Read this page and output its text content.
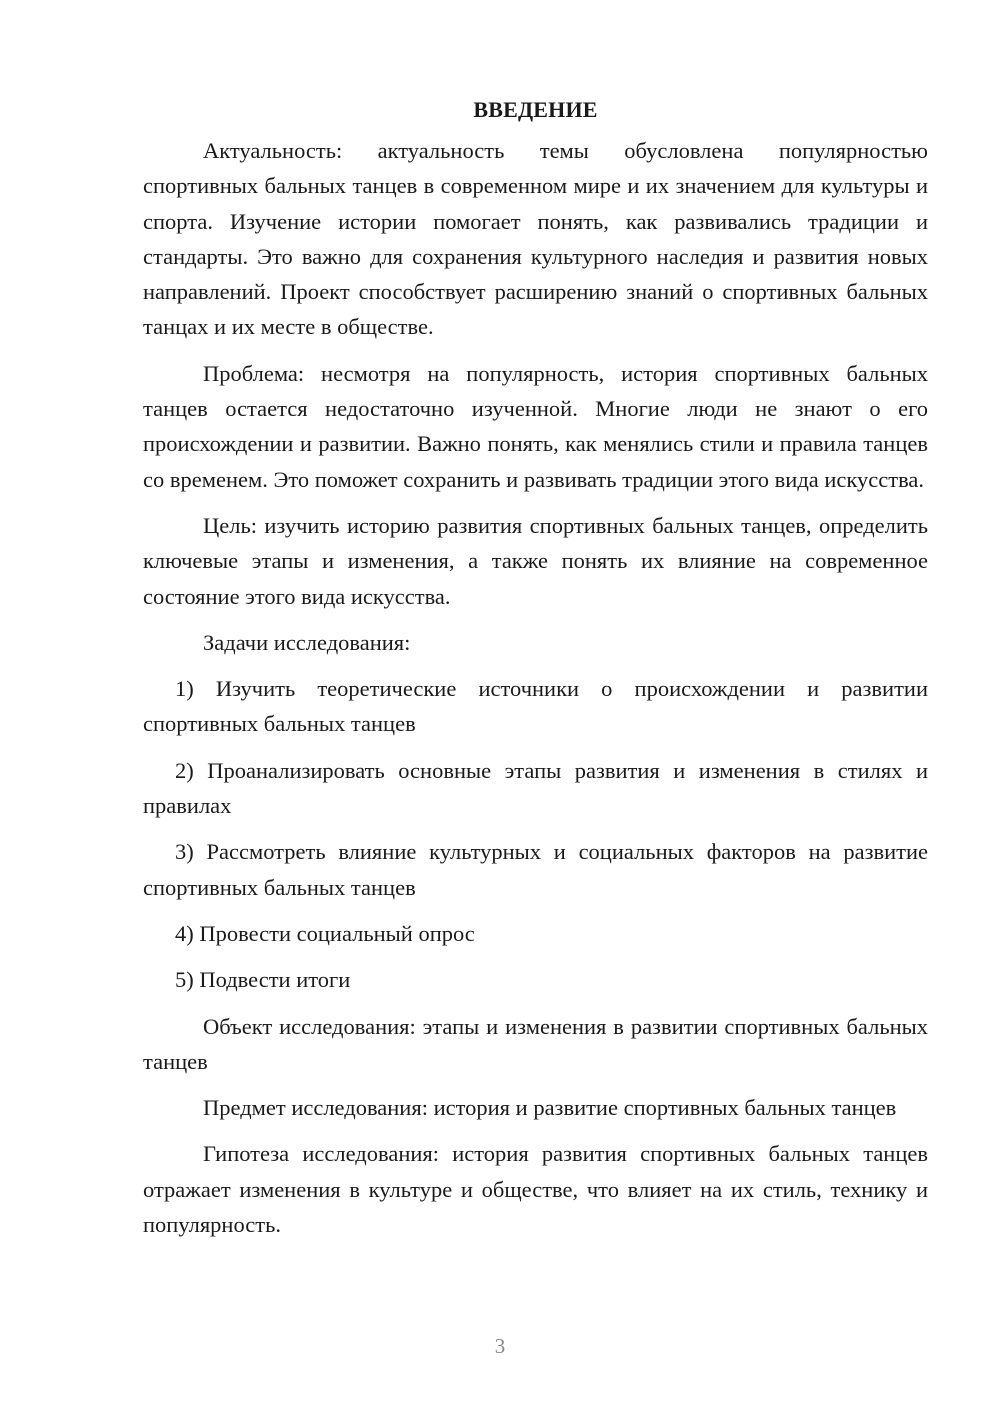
ВВЕДЕНИЕ

Актуальность: актуальность темы обусловлена популярностью спортивных бальных танцев в современном мире и их значением для культуры и спорта. Изучение истории помогает понять, как развивались традиции и стандарты. Это важно для сохранения культурного наследия и развития новых направлений. Проект способствует расширению знаний о спортивных бальных танцах и их месте в обществе.

Проблема: несмотря на популярность, история спортивных бальных танцев остается недостаточно изученной. Многие люди не знают о его происхождении и развитии. Важно понять, как менялись стили и правила танцев со временем. Это поможет сохранить и развивать традиции этого вида искусства.

Цель: изучить историю развития спортивных бальных танцев, определить ключевые этапы и изменения, а также понять их влияние на современное состояние этого вида искусства.

Задачи исследования:

1) Изучить теоретические источники о происхождении и развитии спортивных бальных танцев

2) Проанализировать основные этапы развития и изменения в стилях и правилах

3) Рассмотреть влияние культурных и социальных факторов на развитие спортивных бальных танцев

4) Провести социальный опрос

5) Подвести итоги

Объект исследования: этапы и изменения в развитии спортивных бальных танцев

Предмет исследования: история и развитие спортивных бальных танцев

Гипотеза исследования: история развития спортивных бальных танцев отражает изменения в культуре и обществе, что влияет на их стиль, технику и популярность.

3
